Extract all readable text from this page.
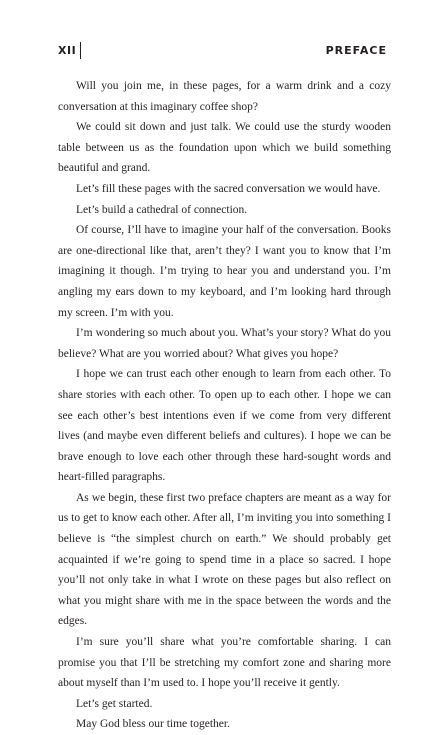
XII	PREFACE

Will you join me, in these pages, for a warm drink and a cozy conversation at this imaginary coffee shop?

We could sit down and just talk. We could use the sturdy wooden table between us as the foundation upon which we build something beautiful and grand.

Let’s fill these pages with the sacred conversation we would have.

Let’s build a cathedral of connection.

Of course, I’ll have to imagine your half of the conversation. Books are one-directional like that, aren’t they? I want you to know that I’m imagining it though. I’m trying to hear you and understand you. I’m angling my ears down to my keyboard, and I’m looking hard through my screen. I’m with you.

I’m wondering so much about you. What’s your story? What do you believe? What are you worried about? What gives you hope?

I hope we can trust each other enough to learn from each other. To share stories with each other. To open up to each other. I hope we can see each other’s best intentions even if we come from very different lives (and maybe even different beliefs and cultures). I hope we can be brave enough to love each other through these hard-sought words and heart-filled paragraphs.

As we begin, these first two preface chapters are meant as a way for us to get to know each other. After all, I’m inviting you into something I believe is “the simplest church on earth.” We should probably get acquainted if we’re going to spend time in a place so sacred. I hope you’ll not only take in what I wrote on these pages but also reflect on what you might share with me in the space between the words and the edges.

I’m sure you’ll share what you’re comfortable sharing. I can promise you that I’ll be stretching my comfort zone and sharing more about myself than I’m used to. I hope you’ll receive it gently.

Let’s get started.

May God bless our time together.
